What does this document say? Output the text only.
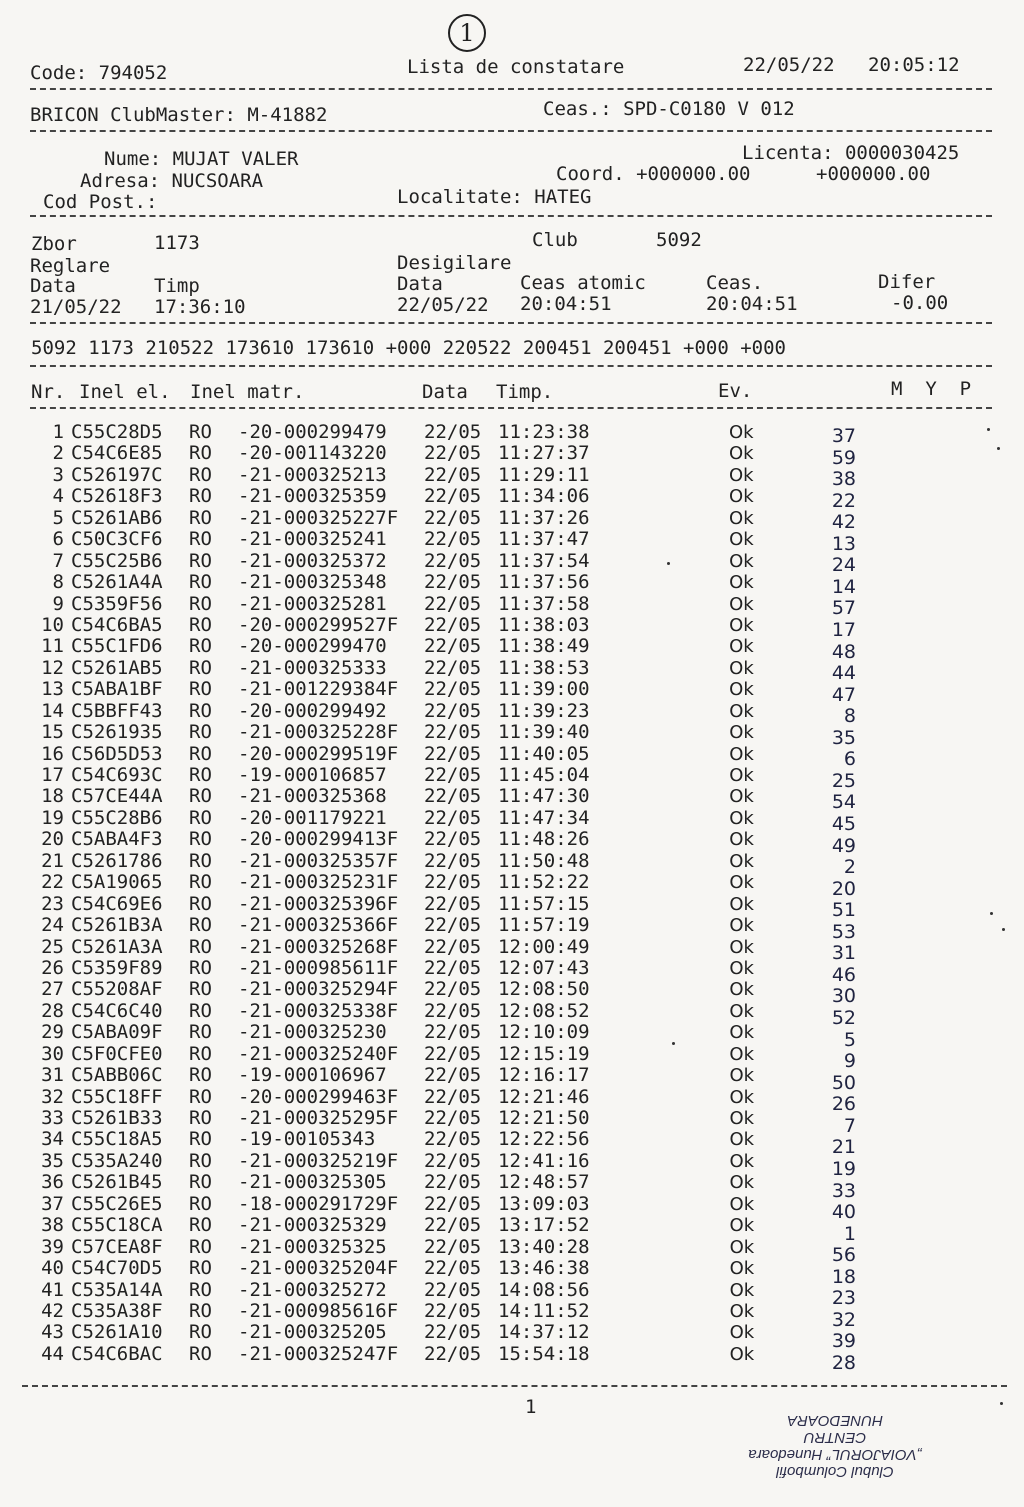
1
Code: 794052	Lista de constatare	22/05/22 20:05:12
BRICON ClubMaster: M-41882	Ceas.: SPD-C0180 V 012
Nume: MUJAT VALER
Adresa: NUCSOARA
Cod Post.:
Licenta: 0000030425
Coord. +000000.00	+000000.00
Localitate: HATEG
Zbor	1173	Club	5092
Reglare	Desigilare
Data	Timp	Data	Ceas atomic	Ceas.	Difer
21/05/22 17:36:10	22/05/22 20:04:51	20:04:51	-0.00
5092 1173 210522 173610 173610 +000 220522 200451 200451 +000 +000
Nr. Inel el. Inel matr.	Data Timp.	Ev.	M  Y  P
1 C55C28D5 RO -20-000299479 22/05 11:23:38	Ok	37
2 C54C6E85 RO -20-001143220 22/05 11:27:37	Ok	59
3 C526197C RO -21-000325213 22/05 11:29:11	Ok	38
4 C52618F3 RO -21-000325359 22/05 11:34:06	Ok	22
5 C5261AB6 RO -21-000325227F 22/05 11:37:26	Ok	42
6 C50C3CF6 RO -21-000325241 22/05 11:37:47	Ok	13
7 C55C25B6 RO -21-000325372 22/05 11:37:54	Ok	24
8 C5261A4A RO -21-000325348 22/05 11:37:56	Ok	14
9 C5359F56 RO -21-000325281 22/05 11:37:58	Ok	57
10 C54C6BA5 RO -20-000299527F 22/05 11:38:03	Ok	17
11 C55C1FD6 RO -20-000299470 22/05 11:38:49	Ok	48
12 C5261AB5 RO -21-000325333 22/05 11:38:53	Ok	44
13 C5ABA1BF RO -21-001229384F 22/05 11:39:00	Ok	47
14 C5BBFF43 RO -20-000299492 22/05 11:39:23	Ok	8
15 C5261935 RO -21-000325228F 22/05 11:39:40	Ok	35
16 C56D5D53 RO -20-000299519F 22/05 11:40:05	Ok	6
17 C54C693C RO -19-000106857 22/05 11:45:04	Ok	25
18 C57CE44A RO -21-000325368 22/05 11:47:30	Ok	54
19 C55C28B6 RO -20-001179221 22/05 11:47:34	Ok	45
20 C5ABA4F3 RO -20-000299413F 22/05 11:48:26	Ok	49
21 C5261786 RO -21-000325357F 22/05 11:50:48	Ok	2
22 C5A19065 RO -21-000325231F 22/05 11:52:22	Ok	20
23 C54C69E6 RO -21-000325396F 22/05 11:57:15	Ok	51
24 C5261B3A RO -21-000325366F 22/05 11:57:19	Ok	53
25 C5261A3A RO -21-000325268F 22/05 12:00:49	Ok	31
26 C5359F89 RO -21-000985611F 22/05 12:07:43	Ok	46
27 C55208AF RO -21-000325294F 22/05 12:08:50	Ok	30
28 C54C6C40 RO -21-000325338F 22/05 12:08:52	Ok	52
29 C5ABA09F RO -21-000325230 22/05 12:10:09	Ok	5
30 C5F0CFE0 RO -21-000325240F 22/05 12:15:19	Ok	9
31 C5ABB06C RO -19-000106967 22/05 12:16:17	Ok	50
32 C55C18FF RO -20-000299463F 22/05 12:21:46	Ok	26
33 C5261B33 RO -21-000325295F 22/05 12:21:50	Ok	7
34 C55C18A5 RO -19-00105343	22/05 12:22:56	Ok	21
35 C535A240 RO -21-000325219F 22/05 12:41:16	Ok	19
36 C5261B45 RO -21-000325305 22/05 12:48:57	Ok	33
37 C55C26E5 RO -18-000291729F 22/05 13:09:03	Ok	40
38 C55C18CA RO -21-000325329 22/05 13:17:52	Ok	1
39 C57CEA8F RO -21-000325325 22/05 13:40:28	Ok	56
40 C54C70D5 RO -21-000325204F 22/05 13:46:38	Ok	18
41 C535A14A RO -21-000325272 22/05 14:08:56	Ok	23
42 C535A38F RO -21-000985616F 22/05 14:11:52	Ok	32
43 C5261A10 RO -21-000325205 22/05 14:37:12	Ok	39
44 C54C6BAC RO -21-000325247F 22/05 15:54:18	Ok	28
1
Clubul Columbofil
„VOIAJORUL” Hunedoara
CENTRU
HUNEDOARA
